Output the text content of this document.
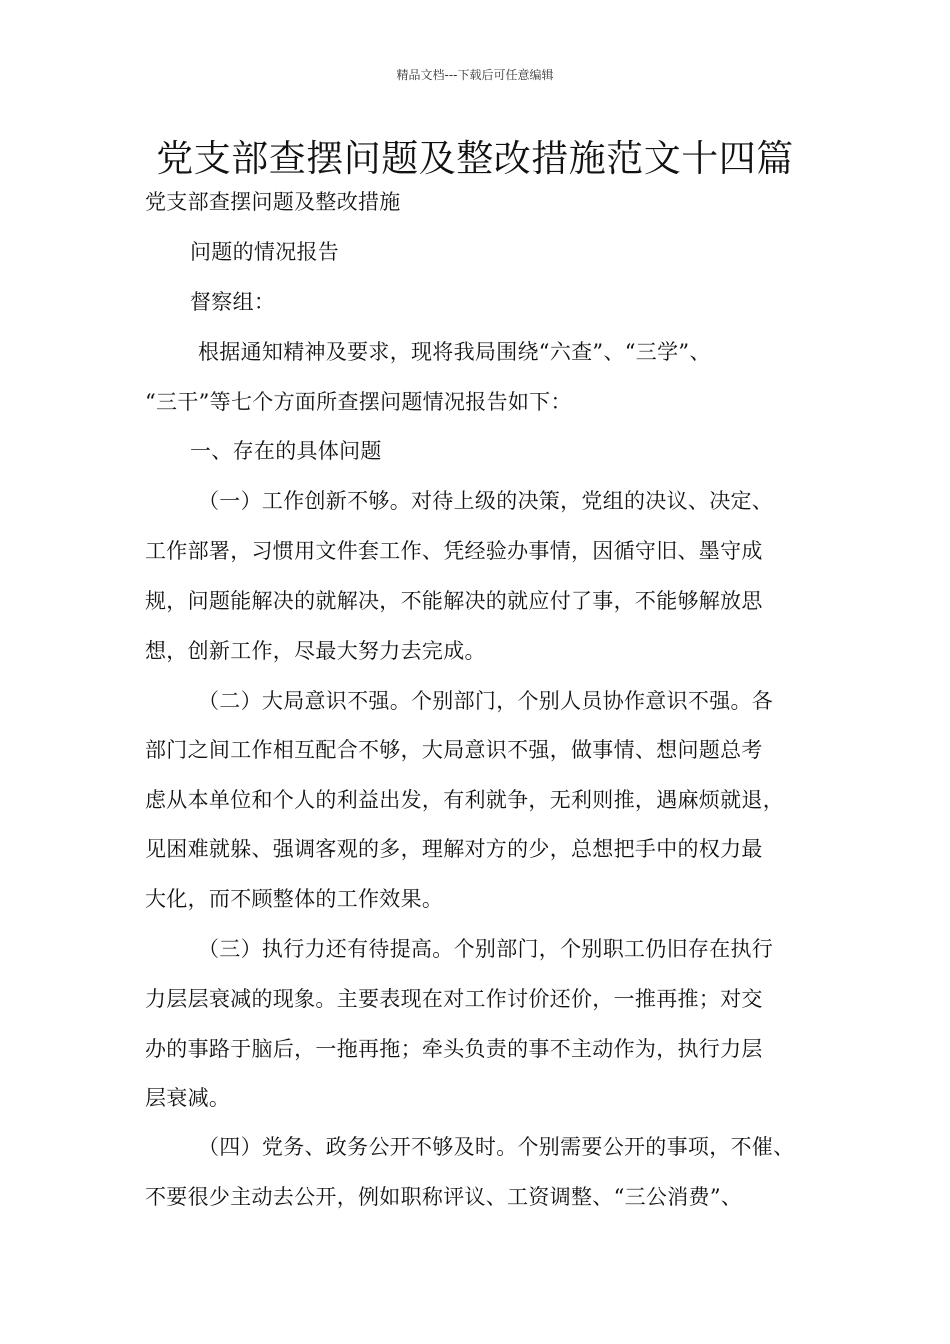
精品文档---下载后可任意编辑
党支部查摆问题及整改措施范文十四篇
党支部查摆问题及整改措施
问题的情况报告
督察组：
根据通知精神及要求，现将我局围绕“六查”、“三学”、
“三干”等七个方面所查摆问题情况报告如下：
一、存在的具体问题
（一）工作创新不够。对待上级的决策，党组的决议、决定、
工作部署，习惯用文件套工作、凭经验办事情，因循守旧、墨守成
规，问题能解决的就解决，不能解决的就应付了事，不能够解放思
想，创新工作，尽最大努力去完成。
（二）大局意识不强。个别部门，个别人员协作意识不强。各
部门之间工作相互配合不够，大局意识不强，做事情、想问题总考
虑从本单位和个人的利益出发，有利就争，无利则推，遇麻烦就退，
见困难就躲、强调客观的多，理解对方的少，总想把手中的权力最
大化，而不顾整体的工作效果。
（三）执行力还有待提高。个别部门，个别职工仍旧存在执行
力层层衰减的现象。主要表现在对工作讨价还价，一推再推；对交
办的事路于脑后，一拖再拖；牵头负责的事不主动作为，执行力层
层衰减。
（四）党务、政务公开不够及时。个别需要公开的事项，不催、
不要很少主动去公开，例如职称评议、工资调整、“三公消费”、
